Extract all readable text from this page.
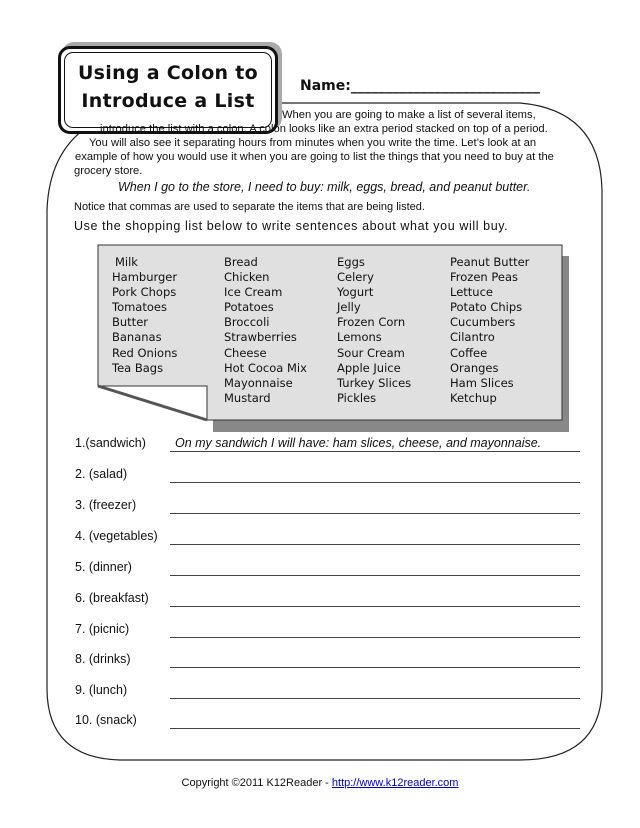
Using a Colon to
Introduce a List
Name:___________________________
When you are going to make a list of several items,
introduce the list with a colon. A colon looks like an extra period stacked on top of a period.
You will also see it separating hours from minutes when you write the time. Let’s look at an
example of how you would use it when you are going to list the things that you need to buy at the
grocery store.
When I go to the store, I need to buy: milk, eggs, bread, and peanut butter.
Notice that commas are used to separate the items that are being listed.
Use the shopping list below to write sentences about what you will buy.
Milk
Hamburger
Pork Chops
Tomatoes
Butter
Bananas
Red Onions
Tea Bags
Bread
Chicken
Ice Cream
Potatoes
Broccoli
Strawberries
Cheese
Hot Cocoa Mix
Mayonnaise
Mustard
Eggs
Celery
Yogurt
Jelly
Frozen Corn
Lemons
Sour Cream
Apple Juice
Turkey Slices
Pickles
Peanut Butter
Frozen Peas
Lettuce
Potato Chips
Cucumbers
Cilantro
Coffee
Oranges
Ham Slices
Ketchup
1.(sandwich) On my sandwich I will have: ham slices, cheese, and mayonnaise.
2. (salad)
3. (freezer)
4. (vegetables)
5. (dinner)
6. (breakfast)
7. (picnic)
8. (drinks)
9. (lunch)
10. (snack)
Copyright ©2011 K12Reader - http://www.k12reader.com
